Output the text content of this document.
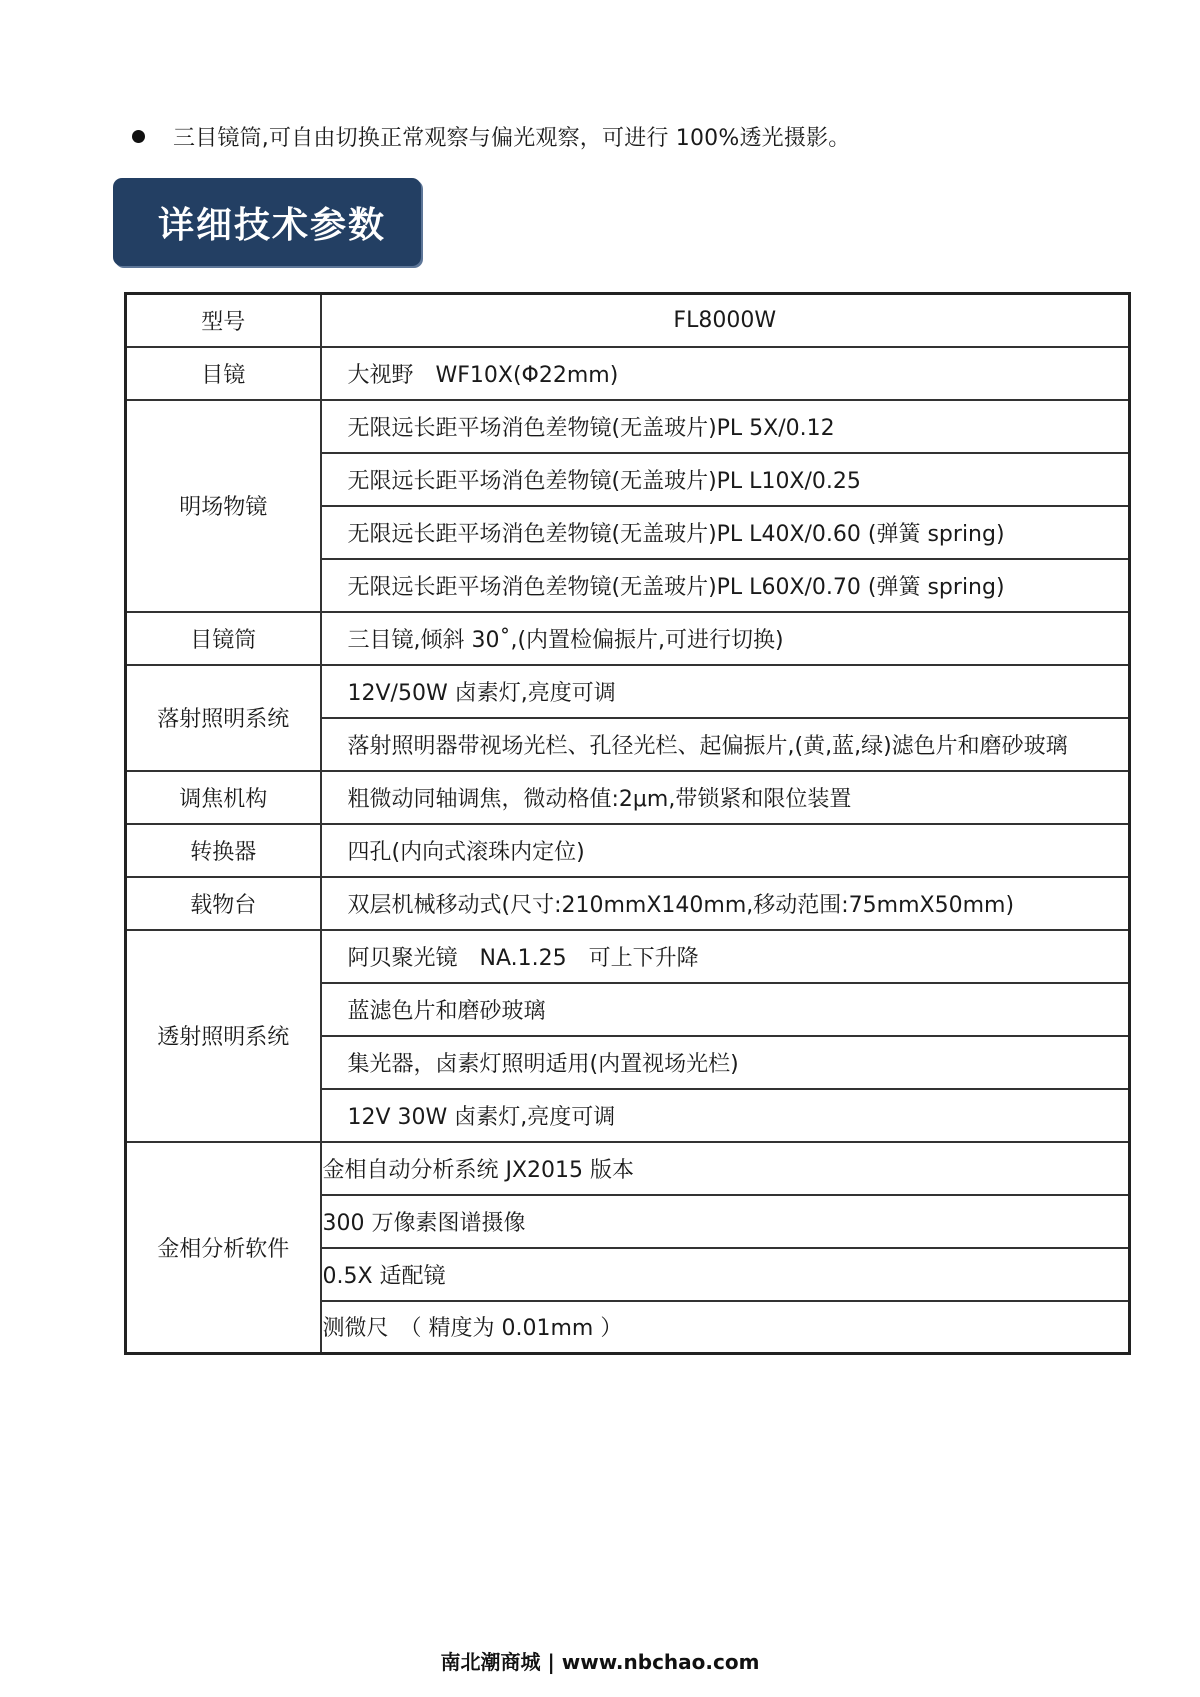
三目镜筒,可自由切换正常观察与偏光观察，可进行 100%透光摄影。
详细技术参数
型号	FL8000W
目镜	大视野　WF10X(Φ22mm)
明场物镜	无限远长距平场消色差物镜(无盖玻片)PL 5X/0.12
	无限远长距平场消色差物镜(无盖玻片)PL L10X/0.25
	无限远长距平场消色差物镜(无盖玻片)PL L40X/0.60 (弹簧 spring)
	无限远长距平场消色差物镜(无盖玻片)PL L60X/0.70 (弹簧 spring)
目镜筒	三目镜,倾斜 30˚,(内置检偏振片,可进行切换)
落射照明系统	12V/50W 卤素灯,亮度可调
	落射照明器带视场光栏、孔径光栏、起偏振片,(黄,蓝,绿)滤色片和磨砂玻璃
调焦机构	粗微动同轴调焦，微动格值:2μm,带锁紧和限位装置
转换器	四孔(内向式滚珠内定位)
载物台	双层机械移动式(尺寸:210mmX140mm,移动范围:75mmX50mm)
透射照明系统	阿贝聚光镜　NA.1.25　可上下升降
	蓝滤色片和磨砂玻璃
	集光器，卤素灯照明适用(内置视场光栏)
	12V 30W 卤素灯,亮度可调
金相分析软件	金相自动分析系统 JX2015 版本
	300 万像素图谱摄像
	0.5X 适配镜
	测微尺　（ 精度为 0.01mm ）
南北潮商城 | www.nbchao.com
